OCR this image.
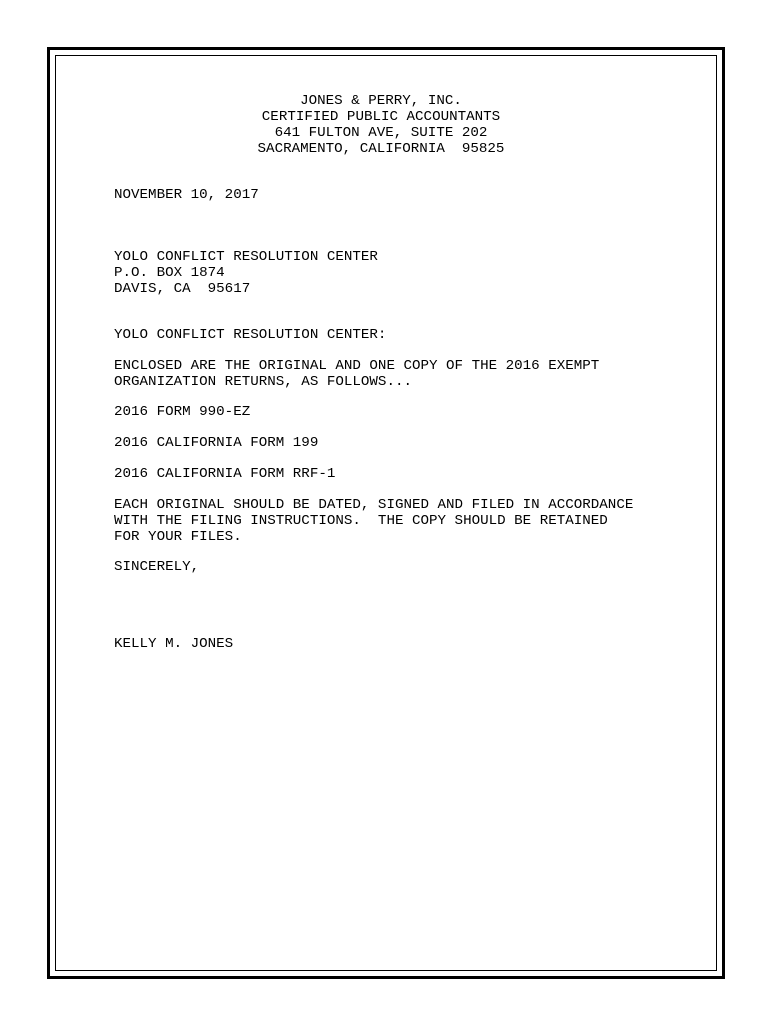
JONES & PERRY, INC.
CERTIFIED PUBLIC ACCOUNTANTS
641 FULTON AVE, SUITE 202
SACRAMENTO, CALIFORNIA  95825
NOVEMBER 10, 2017
YOLO CONFLICT RESOLUTION CENTER
P.O. BOX 1874
DAVIS, CA  95617
YOLO CONFLICT RESOLUTION CENTER:
ENCLOSED ARE THE ORIGINAL AND ONE COPY OF THE 2016 EXEMPT
ORGANIZATION RETURNS, AS FOLLOWS...
2016 FORM 990-EZ
2016 CALIFORNIA FORM 199
2016 CALIFORNIA FORM RRF-1
EACH ORIGINAL SHOULD BE DATED, SIGNED AND FILED IN ACCORDANCE
WITH THE FILING INSTRUCTIONS.  THE COPY SHOULD BE RETAINED
FOR YOUR FILES.
SINCERELY,
KELLY M. JONES
